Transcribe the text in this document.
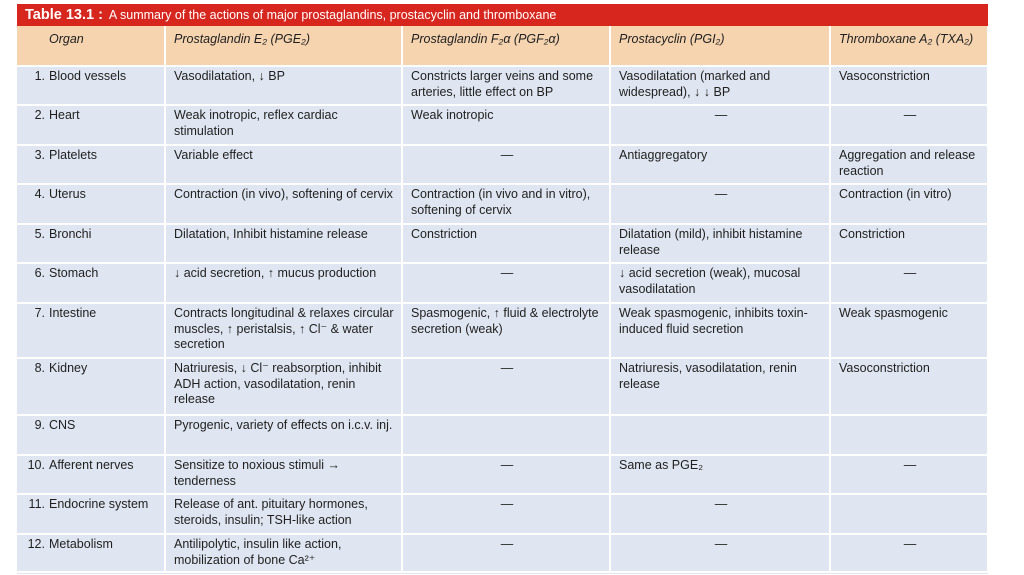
Table 13.1 : A summary of the actions of major prostaglandins, prostacyclin and thromboxane
Organ	Prostaglandin E₂ (PGE₂)	Prostaglandin F₂α (PGF₂α)	Prostacyclin (PGI₂)	Thromboxane A₂ (TXA₂)
1. Blood vessels	Vasodilatation, ↓ BP	Constricts larger veins and some arteries, little effect on BP	Vasodilatation (marked and widespread), ↓ ↓ BP	Vasoconstriction
2. Heart	Weak inotropic, reflex cardiac stimulation	Weak inotropic	—	—
3. Platelets	Variable effect	—	Antiaggregatory	Aggregation and release reaction
4. Uterus	Contraction (in vivo), softening of cervix	Contraction (in vivo and in vitro), softening of cervix	—	Contraction (in vitro)
5. Bronchi	Dilatation, Inhibit histamine release	Constriction	Dilatation (mild), inhibit histamine release	Constriction
6. Stomach	↓ acid secretion, ↑ mucus production	—	↓ acid secretion (weak), mucosal vasodilatation	—
7. Intestine	Contracts longitudinal & relaxes circular muscles, ↑ peristalsis, ↑ Cl⁻ & water secretion	Spasmogenic, ↑ fluid & electrolyte secretion (weak)	Weak spasmogenic, inhibits toxin-induced fluid secretion	Weak spasmogenic
8. Kidney	Natriuresis, ↓ Cl⁻ reabsorption, inhibit ADH action, vasodilatation, renin release	—	Natriuresis, vasodilatation, renin release	Vasoconstriction
9. CNS	Pyrogenic, variety of effects on i.c.v. inj.			
10. Afferent nerves	Sensitize to noxious stimuli → tenderness	—	Same as PGE₂	—
11. Endocrine system	Release of ant. pituitary hormones, steroids, insulin; TSH-like action	—	—	
12. Metabolism	Antilipolytic, insulin like action, mobilization of bone Ca²⁺	—	—	—
